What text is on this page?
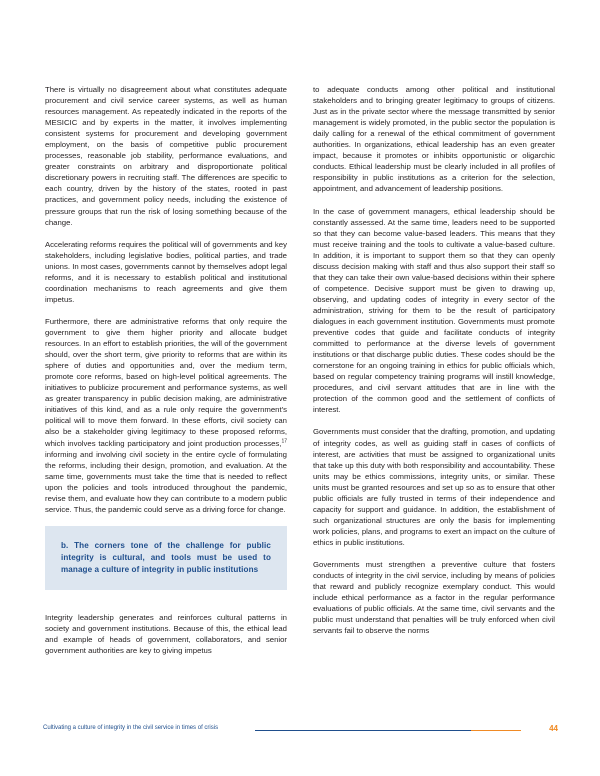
There is virtually no disagreement about what constitutes adequate procurement and civil service career systems, as well as human resources management. As repeatedly indicated in the reports of the MESICIC and by experts in the matter, it involves implementing consistent systems for procurement and developing government employment, on the basis of competitive public procurement processes, reasonable job stability, performance evaluations, and greater constraints on arbitrary and disproportionate political discretionary powers in recruiting staff. The differences are specific to each country, driven by the history of the states, rooted in past practices, and government policy needs, including the existence of pressure groups that run the risk of losing something because of the change.

Accelerating reforms requires the political will of governments and key stakeholders, including legislative bodies, political parties, and trade unions. In most cases, governments cannot by themselves adopt legal reforms, and it is necessary to establish political and institutional coordination mechanisms to reach agreements and give them impetus.

Furthermore, there are administrative reforms that only require the government to give them higher priority and allocate budget resources. In an effort to establish priorities, the will of the government should, over the short term, give priority to reforms that are within its sphere of duties and opportunities and, over the medium term, promote core reforms, based on high-level political agreements. The initiatives to publicize procurement and performance systems, as well as greater transparency in public decision making, are administrative initiatives of this kind, and as a rule only require the government's political will to move them forward. In these efforts, civil society can also be a stakeholder giving legitimacy to these proposed reforms, which involves tackling participatory and joint production processes,$^{17}$ informing and involving civil society in the entire cycle of formulating the reforms, including their design, promotion, and evaluation. At the same time, governments must take the time that is needed to reflect upon the policies and tools introduced throughout the pandemic, revise them, and evaluate how they can contribute to a modern public service. Thus, the pandemic could serve as a driving force for change.

b. The corners tone of the challenge for public integrity is cultural, and tools must be used to manage a culture of integrity in public institutions

Integrity leadership generates and reinforces cultural patterns in society and government institutions. Because of this, the ethical lead and example of heads of government, collaborators, and senior government authorities are key to giving impetus

to adequate conducts among other political and institutional stakeholders and to bringing greater legitimacy to groups of citizens. Just as in the private sector where the message transmitted by senior management is widely promoted, in the public sector the population is daily calling for a renewal of the ethical commitment of government authorities. In organizations, ethical leadership has an even greater impact, because it promotes or inhibits opportunistic or oligarchic conducts. Ethical leadership must be clearly included in all profiles of responsibility in public institutions as a criterion for the selection, appointment, and advancement of leadership positions.

In the case of government managers, ethical leadership should be constantly assessed. At the same time, leaders need to be supported so that they can become value-based leaders. This means that they must receive training and the tools to cultivate a value-based culture. In addition, it is important to support them so that they can openly discuss decision making with staff and thus also support their staff so that they can take their own value-based decisions within their sphere of competence. Decisive support must be given to drawing up, observing, and updating codes of integrity in every sector of the administration, striving for them to be the result of participatory dialogues in each government institution. Governments must promote preventive codes that guide and facilitate conducts of integrity committed to performance at the diverse levels of government institutions or that discharge public duties. These codes should be the cornerstone for an ongoing training in ethics for public officials which, based on regular competency training programs will instill knowledge, procedures, and civil servant attitudes that are in line with the protection of the common good and the settlement of conflicts of interest.

Governments must consider that the drafting, promotion, and updating of integrity codes, as well as guiding staff in cases of conflicts of interest, are activities that must be assigned to organizational units that take up this duty with both responsibility and accountability. These units may be ethics commissions, integrity units, or similar. These units must be granted resources and set up so as to ensure that other public officials are fully trusted in terms of their independence and capacity for support and guidance. In addition, the establishment of such organizational structures are only the basis for implementing work policies, plans, and programs to exert an impact on the culture of ethics in public institutions.

Governments must strengthen a preventive culture that fosters conducts of integrity in the civil service, including by means of policies that reward and publicly recognize exemplary conduct. This would include ethical performance as a factor in the regular performance evaluations of public officials. At the same time, civil servants and the public must understand that penalties will be truly enforced when civil servants fail to observe the norms

Cultivating a culture of integrity in the civil service in times of crisis	44
